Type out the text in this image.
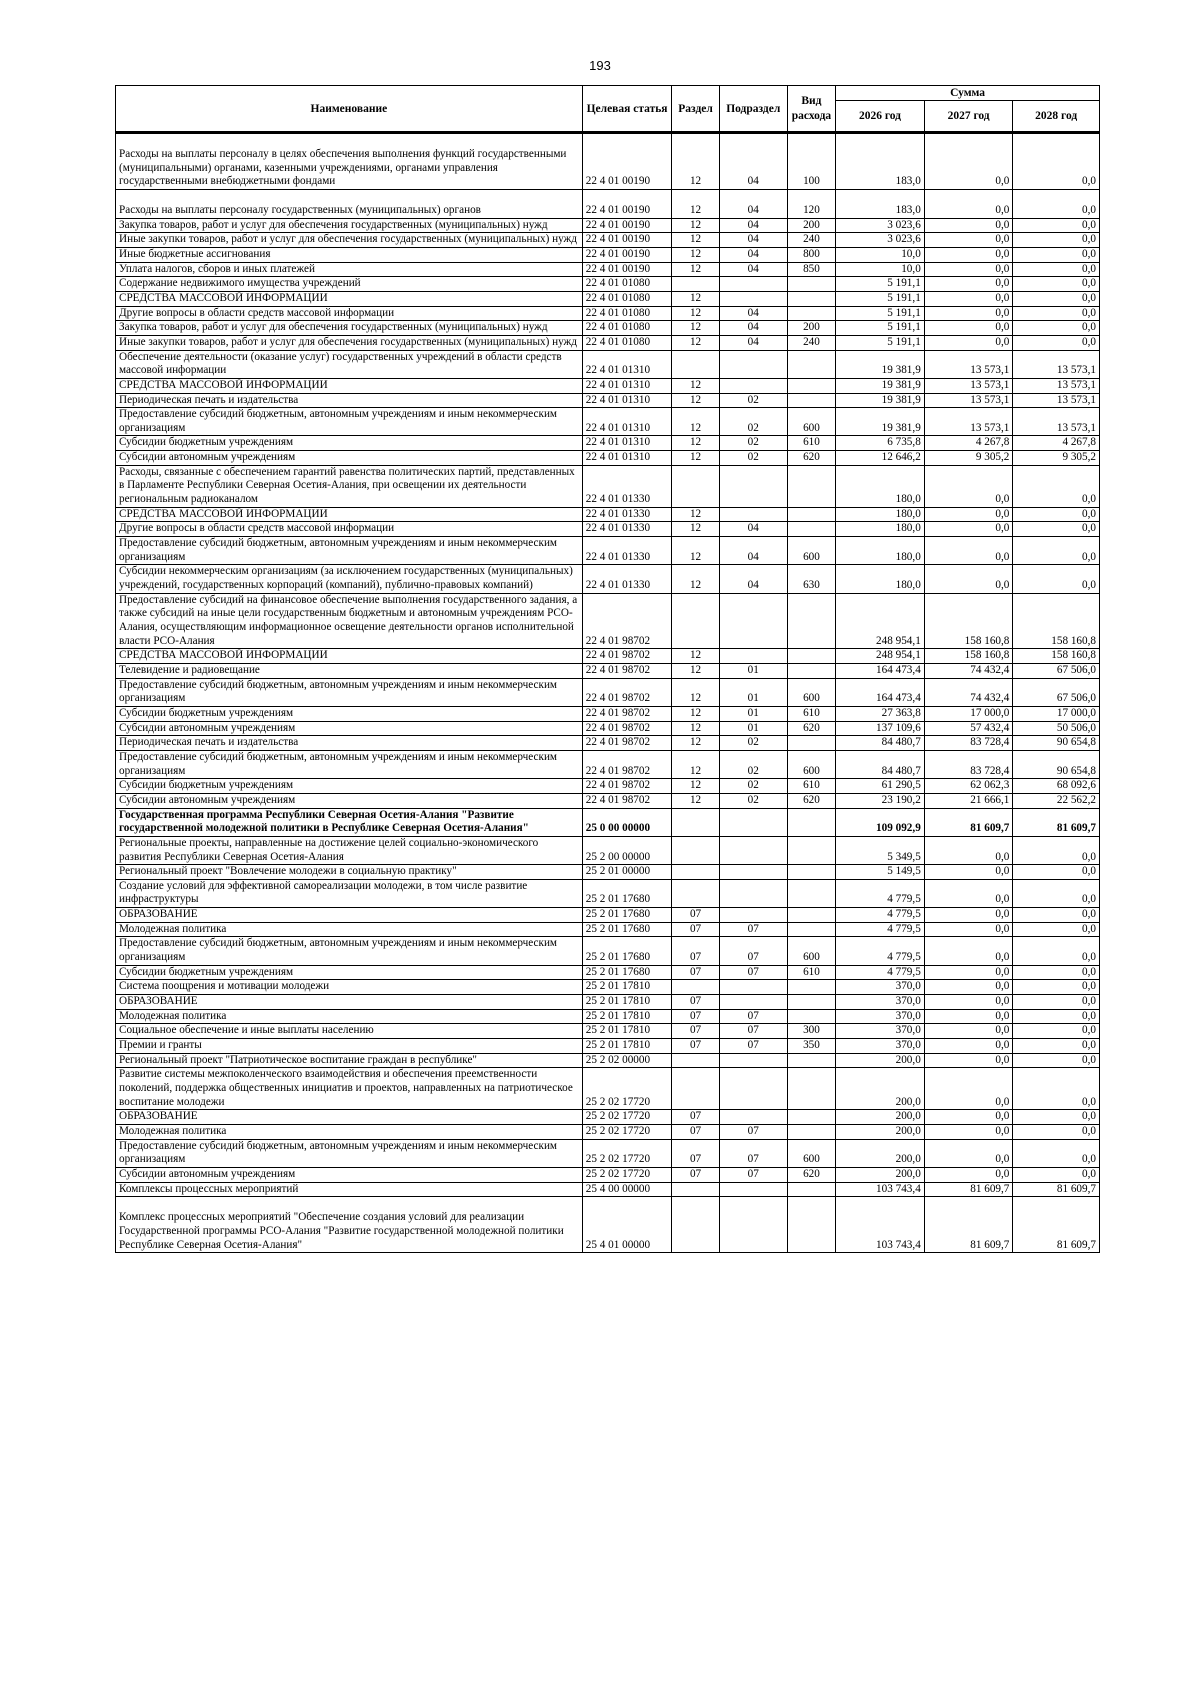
193
Наименование	Целевая статья	Раздел	Подраздел	Вид расхода	Сумма		
					2026 год	2027 год	2028 год
Расходы на выплаты персоналу в целях обеспечения выполнения функций государственными (муниципальными) органами, казенными учреждениями, органами управления государственными внебюджетными фондами	22 4 01 00190	12	04	100	183,0	0,0	0,0
Расходы на выплаты персоналу государственных (муниципальных) органов	22 4 01 00190	12	04	120	183,0	0,0	0,0
Закупка товаров, работ и услуг для обеспечения государственных (муниципальных) нужд	22 4 01 00190	12	04	200	3 023,6	0,0	0,0
Иные закупки товаров, работ и услуг для обеспечения государственных (муниципальных) нужд	22 4 01 00190	12	04	240	3 023,6	0,0	0,0
Иные бюджетные ассигнования	22 4 01 00190	12	04	800	10,0	0,0	0,0
Уплата налогов, сборов и иных платежей	22 4 01 00190	12	04	850	10,0	0,0	0,0
Содержание недвижимого имущества учреждений	22 4 01 01080				5 191,1	0,0	0,0
СРЕДСТВА МАССОВОЙ ИНФОРМАЦИИ	22 4 01 01080	12			5 191,1	0,0	0,0
Другие вопросы в области средств массовой информации	22 4 01 01080	12	04		5 191,1	0,0	0,0
Закупка товаров, работ и услуг для обеспечения государственных (муниципальных) нужд	22 4 01 01080	12	04	200	5 191,1	0,0	0,0
Иные закупки товаров, работ и услуг для обеспечения государственных (муниципальных) нужд	22 4 01 01080	12	04	240	5 191,1	0,0	0,0
Обеспечение деятельности (оказание услуг) государственных учреждений в области средств массовой информации	22 4 01 01310				19 381,9	13 573,1	13 573,1
СРЕДСТВА МАССОВОЙ ИНФОРМАЦИИ	22 4 01 01310	12			19 381,9	13 573,1	13 573,1
Периодическая печать и издательства	22 4 01 01310	12	02		19 381,9	13 573,1	13 573,1
Предоставление субсидий бюджетным, автономным учреждениям и иным некоммерческим организациям	22 4 01 01310	12	02	600	19 381,9	13 573,1	13 573,1
Субсидии бюджетным учреждениям	22 4 01 01310	12	02	610	6 735,8	4 267,8	4 267,8
Субсидии автономным учреждениям	22 4 01 01310	12	02	620	12 646,2	9 305,2	9 305,2
Расходы, связанные с обеспечением гарантий равенства политических партий, представленных в Парламенте Республики Северная Осетия-Алания, при освещении их деятельности региональным радиоканалом	22 4 01 01330				180,0	0,0	0,0
СРЕДСТВА МАССОВОЙ ИНФОРМАЦИИ	22 4 01 01330	12			180,0	0,0	0,0
Другие вопросы в области средств массовой информации	22 4 01 01330	12	04		180,0	0,0	0,0
Предоставление субсидий бюджетным, автономным учреждениям и иным некоммерческим организациям	22 4 01 01330	12	04	600	180,0	0,0	0,0
Субсидии некоммерческим организациям (за исключением государственных (муниципальных) учреждений, государственных корпораций (компаний), публично-правовых компаний)	22 4 01 01330	12	04	630	180,0	0,0	0,0
Предоставление субсидий на финансовое обеспечение выполнения государственного задания, а также субсидий на иные цели государственным бюджетным и автономным учреждениям РСО-Алания, осуществляющим информационное освещение деятельности органов исполнительной власти РСО-Алания	22 4 01 98702				248 954,1	158 160,8	158 160,8
СРЕДСТВА МАССОВОЙ ИНФОРМАЦИИ	22 4 01 98702	12			248 954,1	158 160,8	158 160,8
Телевидение и радиовещание	22 4 01 98702	12	01		164 473,4	74 432,4	67 506,0
Предоставление субсидий бюджетным, автономным учреждениям и иным некоммерческим организациям	22 4 01 98702	12	01	600	164 473,4	74 432,4	67 506,0
Субсидии бюджетным учреждениям	22 4 01 98702	12	01	610	27 363,8	17 000,0	17 000,0
Субсидии автономным учреждениям	22 4 01 98702	12	01	620	137 109,6	57 432,4	50 506,0
Периодическая печать и издательства	22 4 01 98702	12	02		84 480,7	83 728,4	90 654,8
Предоставление субсидий бюджетным, автономным учреждениям и иным некоммерческим организациям	22 4 01 98702	12	02	600	84 480,7	83 728,4	90 654,8
Субсидии бюджетным учреждениям	22 4 01 98702	12	02	610	61 290,5	62 062,3	68 092,6
Субсидии автономным учреждениям	22 4 01 98702	12	02	620	23 190,2	21 666,1	22 562,2
Государственная программа Республики Северная Осетия-Алания "Развитие государственной молодежной политики в Республике Северная Осетия-Алания"	25 0 00 00000				109 092,9	81 609,7	81 609,7
Региональные проекты, направленные на достижение целей социально-экономического развития Республики Северная Осетия-Алания	25 2 00 00000				5 349,5	0,0	0,0
Региональный проект "Вовлечение молодежи в социальную практику"	25 2 01 00000				5 149,5	0,0	0,0
Создание условий для эффективной самореализации молодежи, в том числе развитие инфраструктуры	25 2 01 17680				4 779,5	0,0	0,0
ОБРАЗОВАНИЕ	25 2 01 17680	07			4 779,5	0,0	0,0
Молодежная политика	25 2 01 17680	07	07		4 779,5	0,0	0,0
Предоставление субсидий бюджетным, автономным учреждениям и иным некоммерческим организациям	25 2 01 17680	07	07	600	4 779,5	0,0	0,0
Субсидии бюджетным учреждениям	25 2 01 17680	07	07	610	4 779,5	0,0	0,0
Система поощрения и мотивации молодежи	25 2 01 17810				370,0	0,0	0,0
ОБРАЗОВАНИЕ	25 2 01 17810	07			370,0	0,0	0,0
Молодежная политика	25 2 01 17810	07	07		370,0	0,0	0,0
Социальное обеспечение и иные выплаты населению	25 2 01 17810	07	07	300	370,0	0,0	0,0
Премии и гранты	25 2 01 17810	07	07	350	370,0	0,0	0,0
Региональный проект "Патриотическое воспитание граждан в республике"	25 2 02 00000				200,0	0,0	0,0
Развитие системы межпоколенческого взаимодействия и обеспечения преемственности поколений, поддержка общественных инициатив и проектов, направленных на патриотическое воспитание молодежи	25 2 02 17720				200,0	0,0	0,0
ОБРАЗОВАНИЕ	25 2 02 17720	07			200,0	0,0	0,0
Молодежная политика	25 2 02 17720	07	07		200,0	0,0	0,0
Предоставление субсидий бюджетным, автономным учреждениям и иным некоммерческим организациям	25 2 02 17720	07	07	600	200,0	0,0	0,0
Субсидии автономным учреждениям	25 2 02 17720	07	07	620	200,0	0,0	0,0
Комплексы процессных мероприятий	25 4 00 00000				103 743,4	81 609,7	81 609,7
Комплекс процессных мероприятий "Обеспечение создания условий для реализации Государственной программы РСО-Алания "Развитие государственной молодежной политики Республике Северная Осетия-Алания"	25 4 01 00000				103 743,4	81 609,7	81 609,7
